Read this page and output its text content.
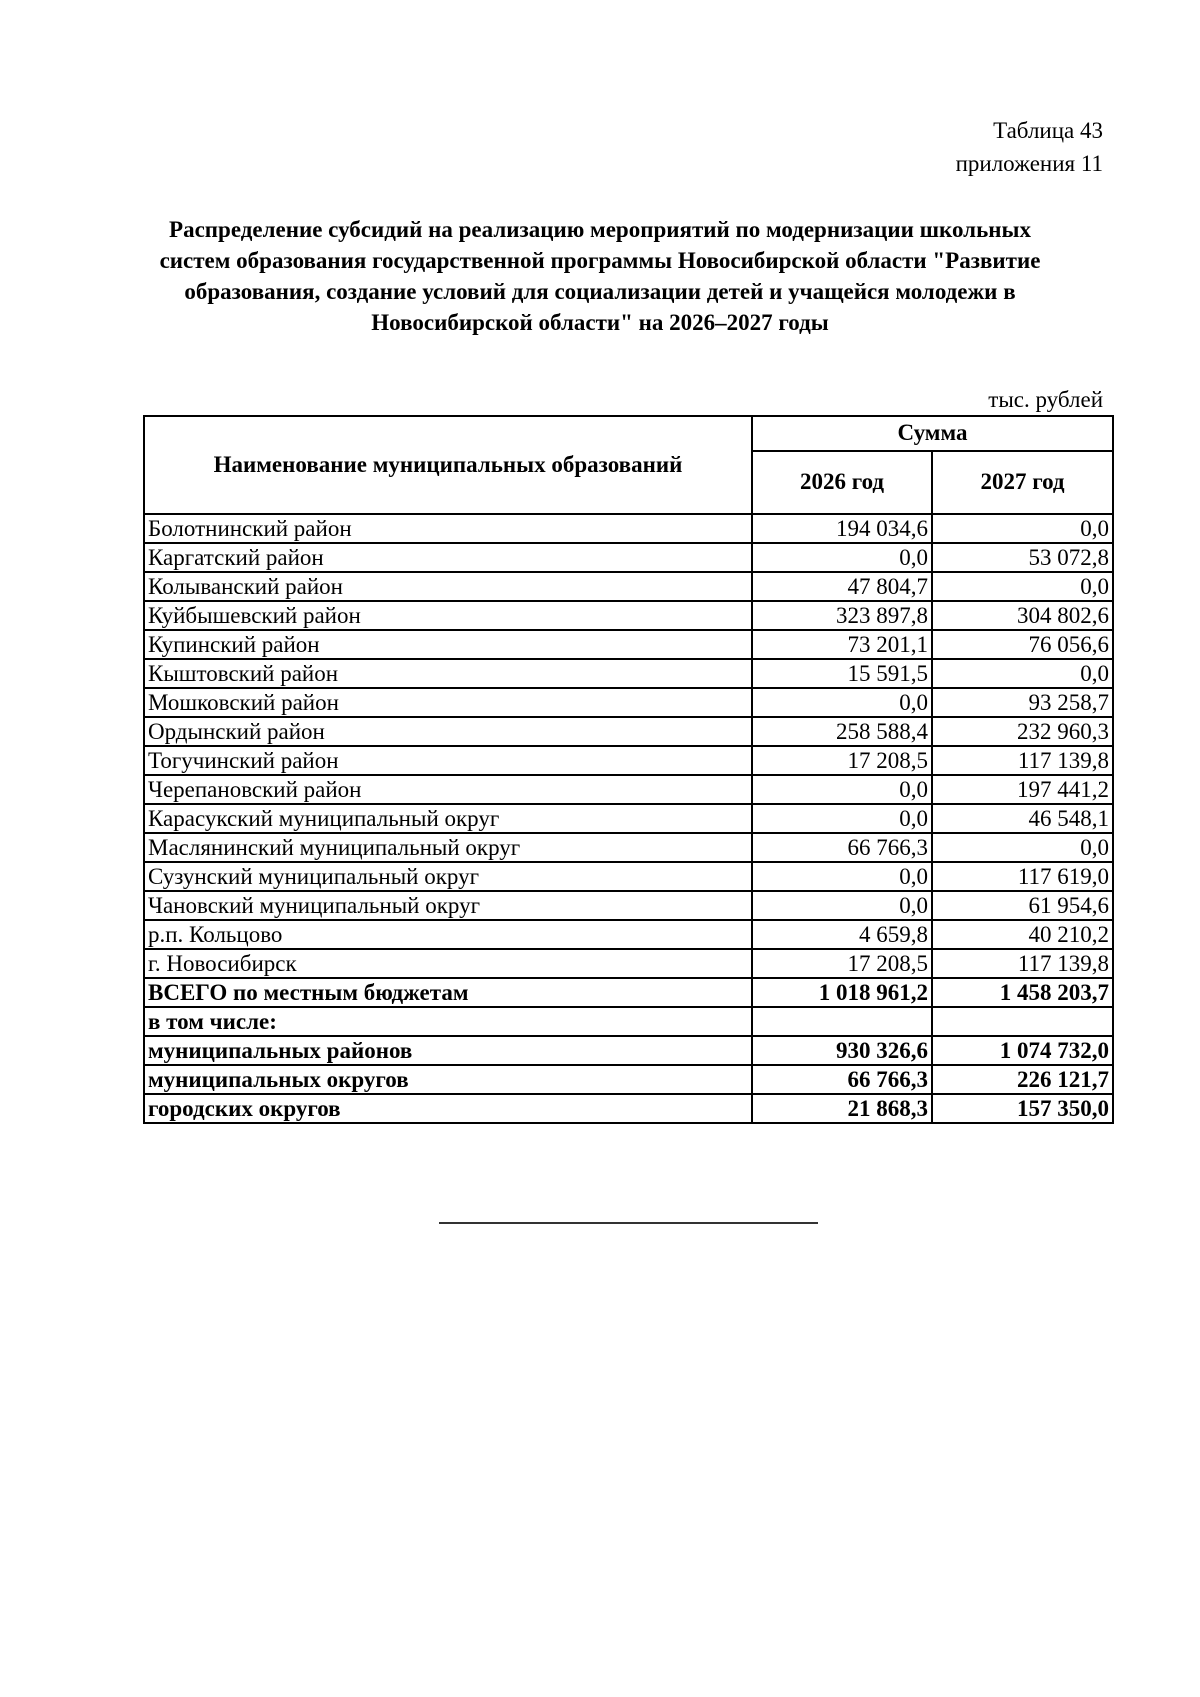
Таблица 43
приложения 11
Распределение субсидий на реализацию мероприятий по модернизации школьных систем образования государственной программы Новосибирской области "Развитие образования, создание условий для социализации детей и учащейся молодежи в Новосибирской области" на 2026–2027 годы
тыс. рублей
Наименование муниципальных образований	Сумма	
	2026 год	2027 год
Болотнинский район	194 034,6	0,0
Каргатский район	0,0	53 072,8
Колыванский район	47 804,7	0,0
Куйбышевский район	323 897,8	304 802,6
Купинский район	73 201,1	76 056,6
Кыштовский район	15 591,5	0,0
Мошковский район	0,0	93 258,7
Ордынский район	258 588,4	232 960,3
Тогучинский район	17 208,5	117 139,8
Черепановский район	0,0	197 441,2
Карасукский муниципальный округ	0,0	46 548,1
Маслянинский муниципальный округ	66 766,3	0,0
Сузунский муниципальный округ	0,0	117 619,0
Чановский муниципальный округ	0,0	61 954,6
р.п. Кольцово	4 659,8	40 210,2
г. Новосибирск	17 208,5	117 139,8
ВСЕГО по местным бюджетам	1 018 961,2	1 458 203,7
в том числе:		
муниципальных районов	930 326,6	1 074 732,0
муниципальных округов	66 766,3	226 121,7
городских округов	21 868,3	157 350,0
